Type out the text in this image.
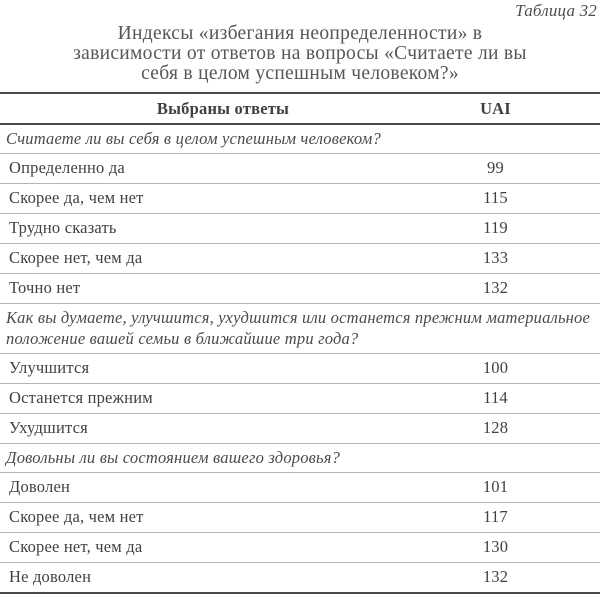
Таблица 32
Индексы «избегания неопределенности» в зависимости от ответов на вопросы «Считаете ли вы себя в целом успешным человеком?»
Выбраны ответы	UAI
Считаете ли вы себя в целом успешным человеком?	
Определенно да	99
Скорее да, чем нет	115
Трудно сказать	119
Скорее нет, чем да	133
Точно нет	132
Как вы думаете, улучшится, ухудшится или останется прежним материальное положение вашей семьи в ближайшие три года?	
Улучшится	100
Останется прежним	114
Ухудшится	128
Довольны ли вы состоянием вашего здоровья?	
Доволен	101
Скорее да, чем нет	117
Скорее нет, чем да	130
Не доволен	132
